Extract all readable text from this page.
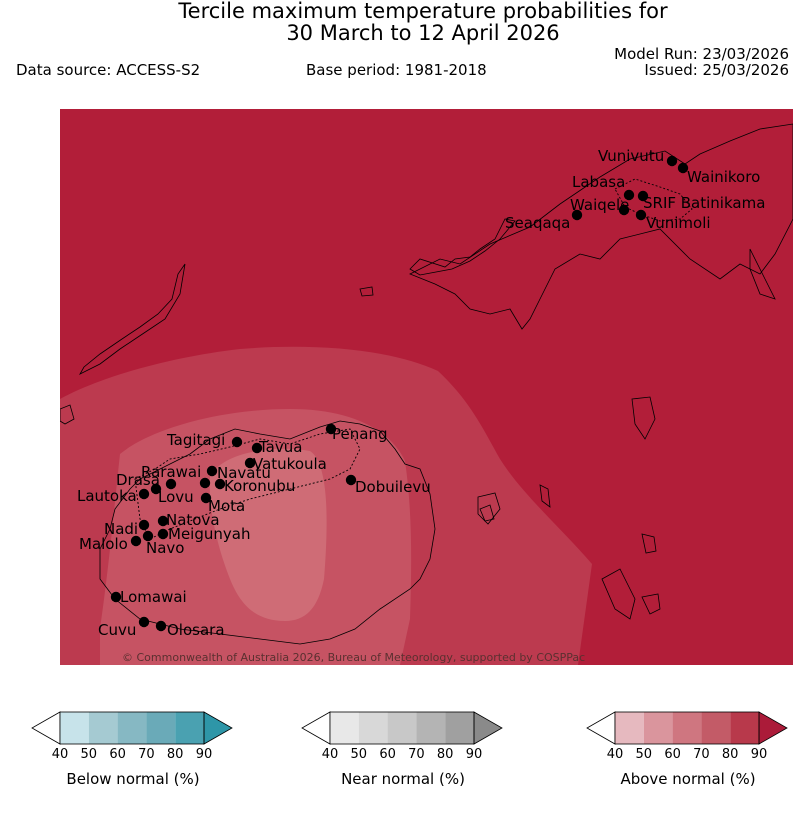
Tercile maximum temperature probabilities for
30 March to 12 April 2026
Data source: ACCESS-S2	Base period: 1981-2018
Model Run: 23/03/2026
Issued: 25/03/2026
Vunivutu
Wainikoro
Labasa
SRIF Batinikama
Waiqele
Seaqaqa	Vunimoli
Penang
Tagitagi Tavua
Vatukoula
Rarawai Navatu
Drasa	Koronubu
Lautoka Lovu Mota
Dobuilevu
Natova
Nadi Meigunyah
Malolo Navo
Lomawai
Cuvu Olosara
© Commonwealth of Australia 2026, Bureau of Meteorology, supported by COSPPac
40 50 60 70 80 90
Below normal (%)
40 50 60 70 80 90
Near normal (%)
40 50 60 70 80 90
Above normal (%)
